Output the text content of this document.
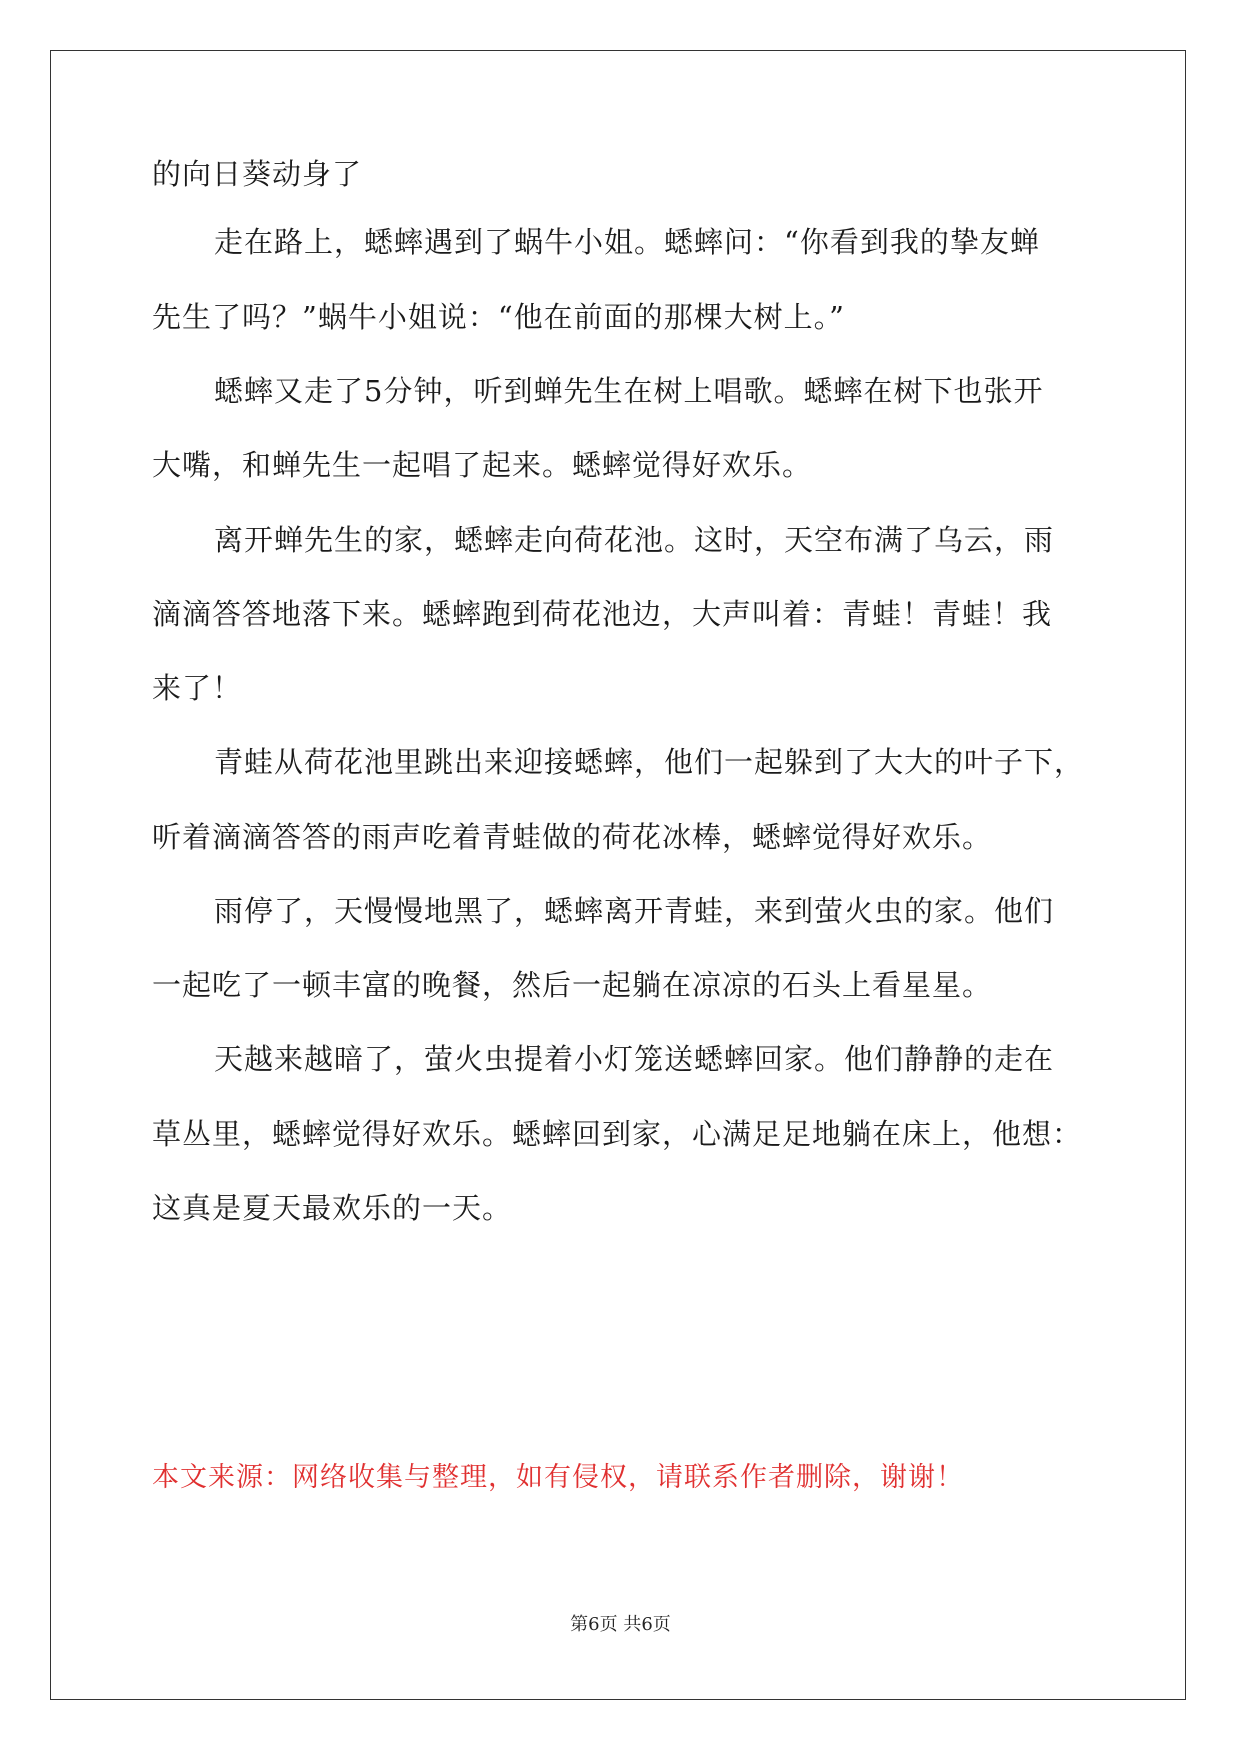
的向日葵动身了
走在路上，蟋蟀遇到了蜗牛小姐。蟋蟀问：“你看到我的挚友蝉
先生了吗？”蜗牛小姐说：“他在前面的那棵大树上。”
蟋蟀又走了5分钟，听到蝉先生在树上唱歌。蟋蟀在树下也张开
大嘴，和蝉先生一起唱了起来。蟋蟀觉得好欢乐。
离开蝉先生的家，蟋蟀走向荷花池。这时，天空布满了乌云，雨
滴滴答答地落下来。蟋蟀跑到荷花池边，大声叫着：青蛙！青蛙！我
来了！
青蛙从荷花池里跳出来迎接蟋蟀，他们一起躲到了大大的叶子下，
听着滴滴答答的雨声吃着青蛙做的荷花冰棒，蟋蟀觉得好欢乐。
雨停了，天慢慢地黑了，蟋蟀离开青蛙，来到萤火虫的家。他们
一起吃了一顿丰富的晚餐，然后一起躺在凉凉的石头上看星星。
天越来越暗了，萤火虫提着小灯笼送蟋蟀回家。他们静静的走在
草丛里，蟋蟀觉得好欢乐。蟋蟀回到家，心满足足地躺在床上，他想：
这真是夏天最欢乐的一天。
本文来源：网络收集与整理，如有侵权，请联系作者删除，谢谢！
第6页 共6页
